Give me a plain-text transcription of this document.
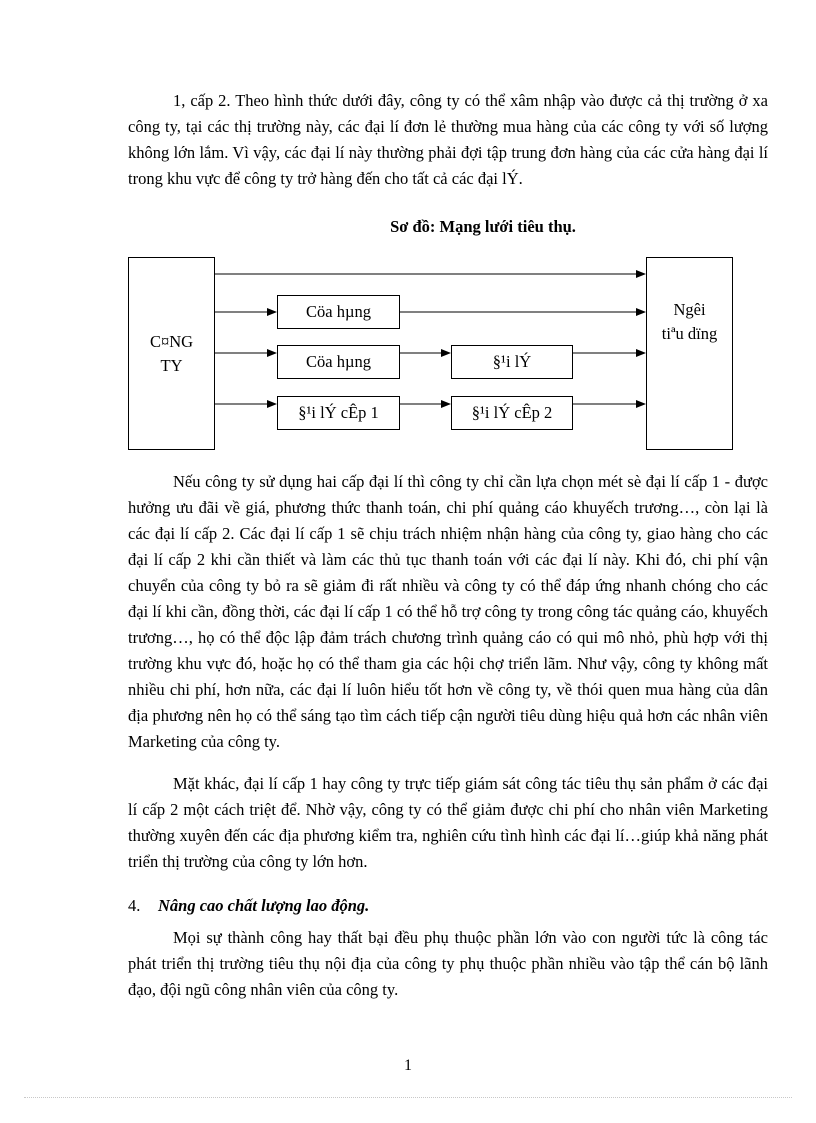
1, cấp 2. Theo hình thức dưới đây, công ty có thể xâm nhập vào được cả thị trường ở xa công ty, tại các thị trường này, các đại lí đơn lẻ thường mua hàng của các công ty với số lượng không lớn lắm. Vì vậy, các đại lí này thường phải đợi tập trung đơn hàng của các cửa hàng đại lí trong khu vực để công ty trở hàng đến cho tất cả các đại lÝ.

Sơ đồ: Mạng lưới tiêu thụ.
C¤NG
TY
Ngêi
tiªu dïng
Cöa hµng
Cöa hµng	§¹i lÝ
§¹i lÝ cÊp 1	§¹i lÝ cÊp 2

Nếu công ty sử dụng hai cấp đại lí thì công ty chỉ cần lựa chọn mét sè đại lí cấp 1 - được hưởng ưu đãi về giá, phương thức thanh toán, chi phí quảng cáo khuyếch trương…, còn lại là các đại lí cấp 2. Các đại lí cấp 1 sẽ chịu trách nhiệm nhận hàng của công ty, giao hàng cho các đại lí cấp 2 khi cần thiết và làm các thủ tục thanh toán với các đại lí này. Khi đó, chi phí vận chuyển của công ty bỏ ra sẽ giảm đi rất nhiều và công ty có thể đáp ứng nhanh chóng cho các đại lí khi cần, đồng thời, các đại lí cấp 1 có thể hỗ trợ công ty trong công tác quảng cáo, khuyếch trương…, họ có thể độc lập đảm trách chương trình quảng cáo có qui mô nhỏ, phù hợp với thị trường khu vực đó, hoặc họ có thể tham gia các hội chợ triển lãm. Như vậy, công ty không mất nhiều chi phí, hơn nữa, các đại lí luôn hiểu tốt hơn về công ty, về thói quen mua hàng của dân địa phương nên họ có thể sáng tạo tìm cách tiếp cận người tiêu dùng hiệu quả hơn các nhân viên Marketing của công ty.

Mặt khác, đại lí cấp 1 hay công ty trực tiếp giám sát công tác tiêu thụ sản phẩm ở các đại lí cấp 2 một cách triệt để. Nhờ vậy, công ty có thể giảm được chi phí cho nhân viên Marketing thường xuyên đến các địa phương kiểm tra, nghiên cứu tình hình các đại lí…giúp khả năng phát triển thị trường của công ty lớn hơn.

4. Nâng cao chất lượng lao động.

Mọi sự thành công hay thất bại đều phụ thuộc phần lớn vào con người tức là công tác phát triển thị trường tiêu thụ nội địa của công ty phụ thuộc phần nhiều vào tập thể cán bộ lãnh đạo, đội ngũ công nhân viên của công ty.

1
